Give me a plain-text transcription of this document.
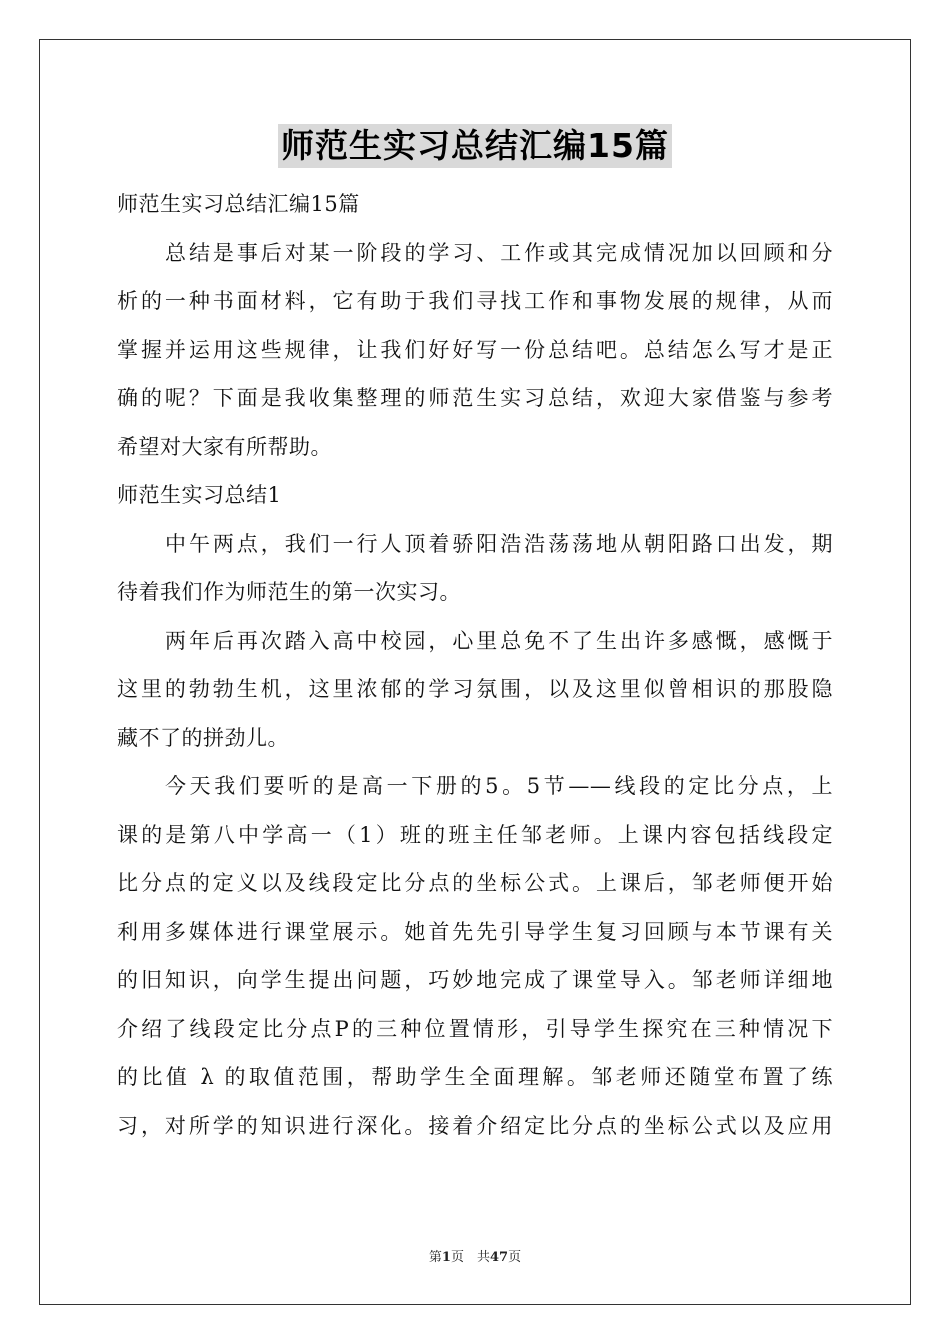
师范生实习总结汇编15篇
师范生实习总结汇编15篇
总结是事后对某一阶段的学习、工作或其完成情况加以回顾和分
析的一种书面材料，它有助于我们寻找工作和事物发展的规律，从而
掌握并运用这些规律，让我们好好写一份总结吧。总结怎么写才是正
确的呢？下面是我收集整理的师范生实习总结，欢迎大家借鉴与参考
希望对大家有所帮助。
师范生实习总结1
中午两点，我们一行人顶着骄阳浩浩荡荡地从朝阳路口出发，期
待着我们作为师范生的第一次实习。
两年后再次踏入高中校园，心里总免不了生出许多感慨，感慨于
这里的勃勃生机，这里浓郁的学习氛围，以及这里似曾相识的那股隐
藏不了的拼劲儿。
今天我们要听的是高一下册的5。5节——线段的定比分点，上
课的是第八中学高一（1）班的班主任邹老师。上课内容包括线段定
比分点的定义以及线段定比分点的坐标公式。上课后，邹老师便开始
利用多媒体进行课堂展示。她首先先引导学生复习回顾与本节课有关
的旧知识，向学生提出问题，巧妙地完成了课堂导入。邹老师详细地
介绍了线段定比分点P的三种位置情形，引导学生探究在三种情况下
的比值 λ 的取值范围，帮助学生全面理解。邹老师还随堂布置了练
习，对所学的知识进行深化。接着介绍定比分点的坐标公式以及应用
第1页　共47页
